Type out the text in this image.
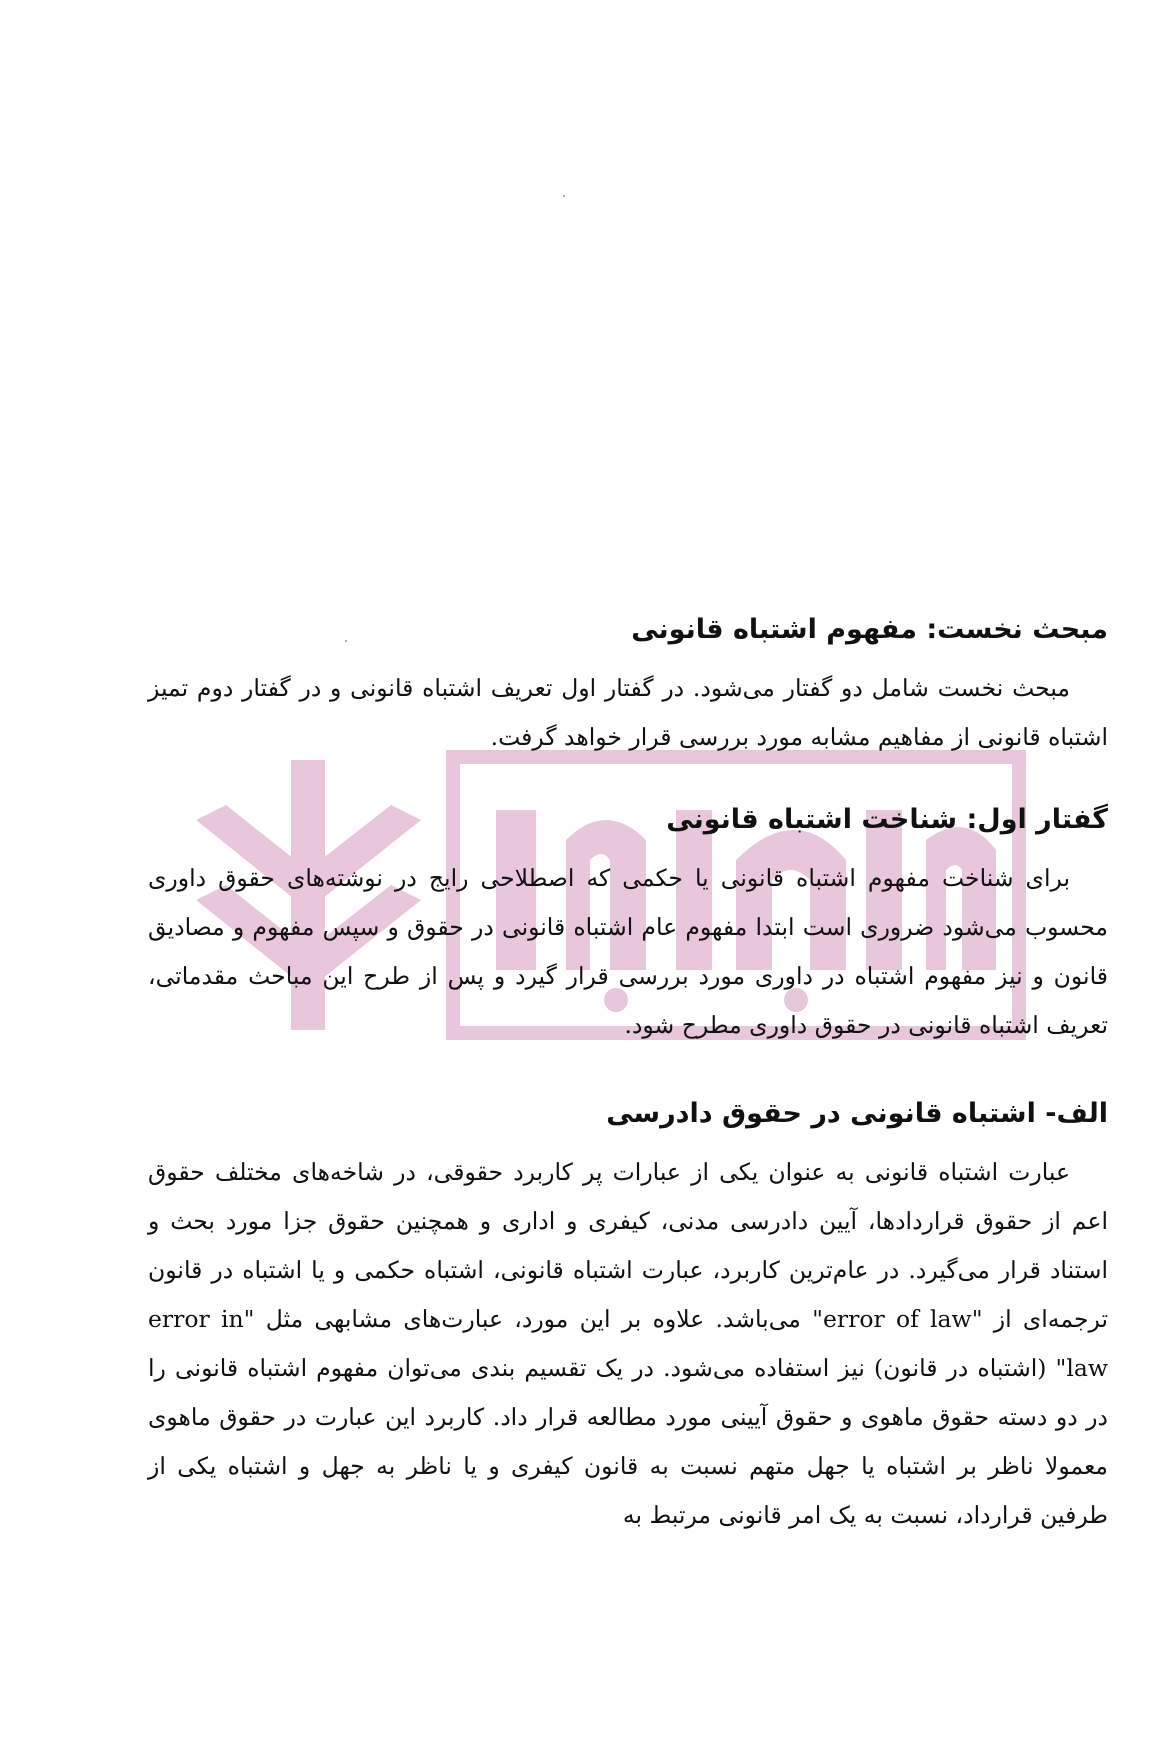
مبحث نخست: مفهوم اشتباه قانونی

مبحث نخست شامل دو گفتار می‌شود. در گفتار اول تعریف اشتباه قانونی و در گفتار دوم تمیز اشتباه قانونی از مفاهیم مشابه مورد بررسی قرار خواهد گرفت.

گفتار اول: شناخت اشتباه قانونی

برای شناخت مفهوم اشتباه قانونی یا حکمی که اصطلاحی رایج در نوشته‌های حقوق داوری محسوب می‌شود ضروری است ابتدا مفهوم عام اشتباه قانونی در حقوق و سپس مفهوم و مصادیق قانون و نیز مفهوم اشتباه در داوری مورد بررسی قرار گیرد و پس از طرح این مباحث مقدماتی، تعریف اشتباه قانونی در حقوق داوری مطرح شود.

الف- اشتباه قانونی در حقوق دادرسی

عبارت اشتباه قانونی به عنوان یکی از عبارات پر کاربرد حقوقی، در شاخه‌های مختلف حقوق اعم از حقوق قراردادها، آیین دادرسی مدنی، کیفری و اداری و همچنین حقوق جزا مورد بحث و استناد قرار می‌گیرد. در عام‌ترین کاربرد، عبارت اشتباه قانونی، اشتباه حکمی و یا اشتباه در قانون ترجمه‌ای از "error of law" می‌باشد. علاوه بر این مورد، عبارت‌های مشابهی مثل "error in law" (اشتباه در قانون) نیز استفاده می‌شود. در یک تقسیم بندی می‌توان مفهوم اشتباه قانونی را در دو دسته حقوق ماهوی و حقوق آیینی مورد مطالعه قرار داد. کاربرد این عبارت در حقوق ماهوی معمولا ناظر بر اشتباه یا جهل متهم نسبت به قانون کیفری و یا ناظر به جهل و اشتباه یکی از طرفین قرارداد، نسبت به یک امر قانونی مرتبط به
